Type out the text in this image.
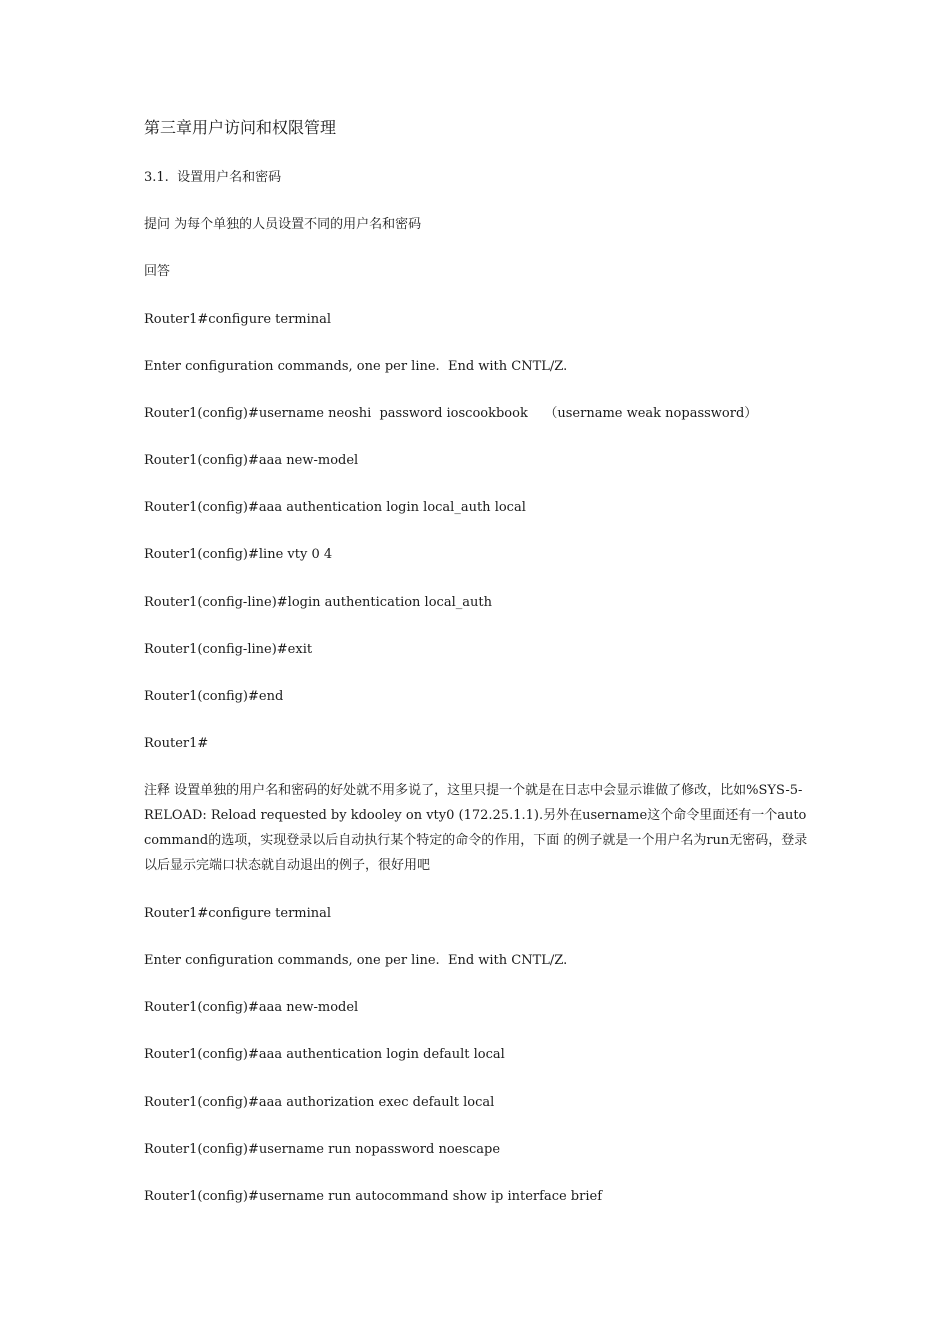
第三章用户访问和权限管理
3.1.  设置用户名和密码
提问 为每个单独的人员设置不同的用户名和密码
回答
Router1#configure terminal
Enter configuration commands, one per line.  End with CNTL/Z.
Router1(config)#username neoshi  password ioscookbook    （username weak nopassword）
Router1(config)#aaa new-model
Router1(config)#aaa authentication login local_auth local
Router1(config)#line vty 0 4
Router1(config-line)#login authentication local_auth
Router1(config-line)#exit
Router1(config)#end
Router1#
注释 设置单独的用户名和密码的好处就不用多说了，这里只提一个就是在日志中会显示谁做了修改，比如%SYS-5-RELOAD: Reload requested by kdooley on vty0 (172.25.1.1).另外在username这个命令里面还有一个autocommand的选项，实现登录以后自动执行某个特定的命令的作用，下面 的例子就是一个用户名为run无密码，登录以后显示完端口状态就自动退出的例子，很好用吧
Router1#configure terminal
Enter configuration commands, one per line.  End with CNTL/Z.
Router1(config)#aaa new-model
Router1(config)#aaa authentication login default local
Router1(config)#aaa authorization exec default local
Router1(config)#username run nopassword noescape
Router1(config)#username run autocommand show ip interface brief
